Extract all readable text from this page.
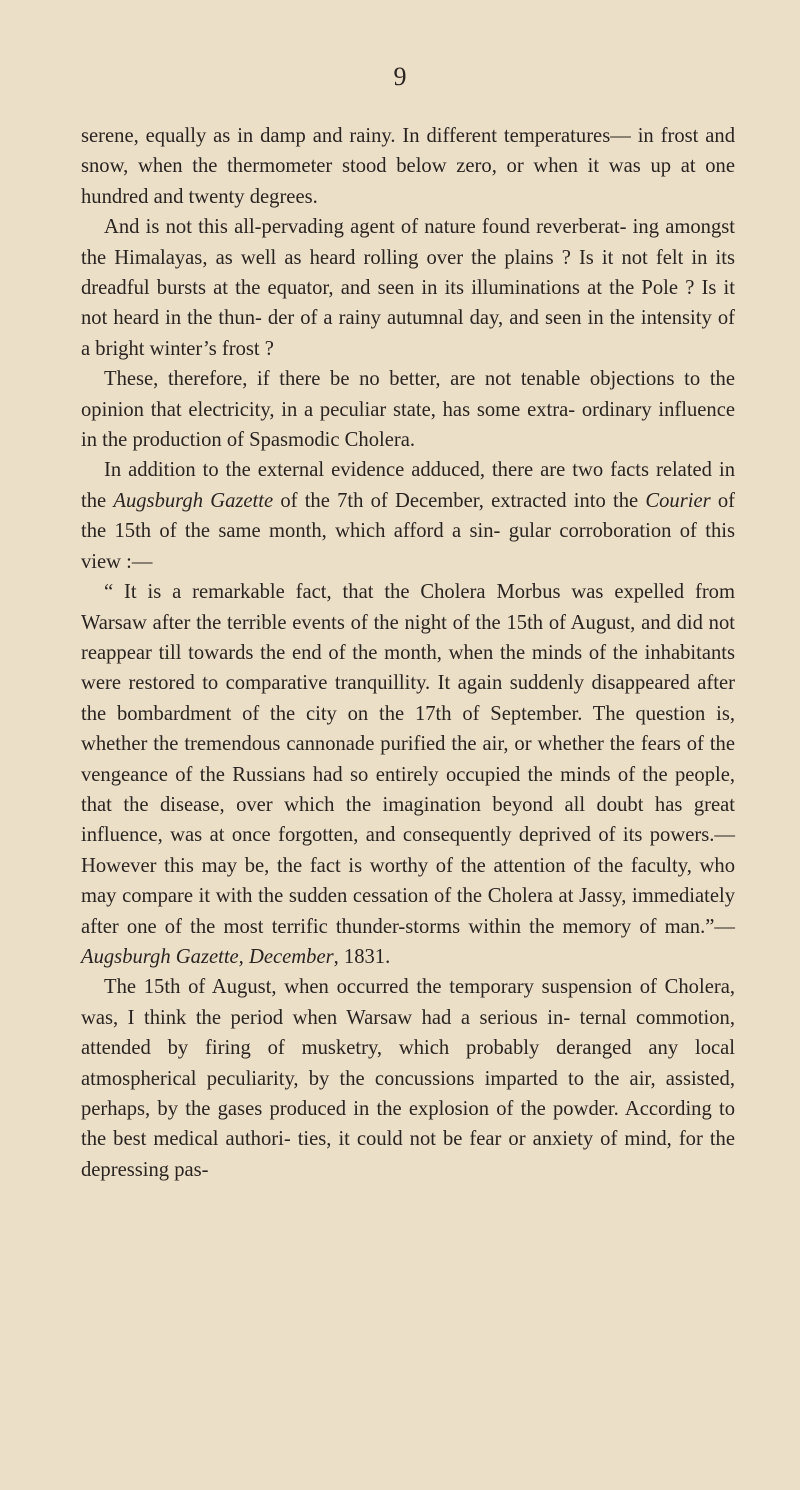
9

serene, equally as in damp and rainy. In different temperatures— in frost and snow, when the thermometer stood below zero, or when it was up at one hundred and twenty degrees.

And is not this all-pervading agent of nature found reverberat- ing amongst the Himalayas, as well as heard rolling over the plains ? Is it not felt in its dreadful bursts at the equator, and seen in its illuminations at the Pole ? Is it not heard in the thun- der of a rainy autumnal day, and seen in the intensity of a bright winter’s frost ?

These, therefore, if there be no better, are not tenable objections to the opinion that electricity, in a peculiar state, has some extra- ordinary influence in the production of Spasmodic Cholera.

In addition to the external evidence adduced, there are two facts related in the Augsburgh Gazette of the 7th of December, extracted into the Courier of the 15th of the same month, which afford a sin- gular corroboration of this view :—

“ It is a remarkable fact, that the Cholera Morbus was expelled from Warsaw after the terrible events of the night of the 15th of August, and did not reappear till towards the end of the month, when the minds of the inhabitants were restored to comparative tranquillity. It again suddenly disappeared after the bombardment of the city on the 17th of September. The question is, whether the tremendous cannonade purified the air, or whether the fears of the vengeance of the Russians had so entirely occupied the minds of the people, that the disease, over which the imagination beyond all doubt has great influence, was at once forgotten, and consequently deprived of its powers.—However this may be, the fact is worthy of the attention of the faculty, who may compare it with the sudden cessation of the Cholera at Jassy, immediately after one of the most terrific thunder-storms within the memory of man.”—Augsburgh Gazette, December, 1831.

The 15th of August, when occurred the temporary suspension of Cholera, was, I think the period when Warsaw had a serious in- ternal commotion, attended by firing of musketry, which probably deranged any local atmospherical peculiarity, by the concussions imparted to the air, assisted, perhaps, by the gases produced in the explosion of the powder. According to the best medical authori- ties, it could not be fear or anxiety of mind, for the depressing pas-
